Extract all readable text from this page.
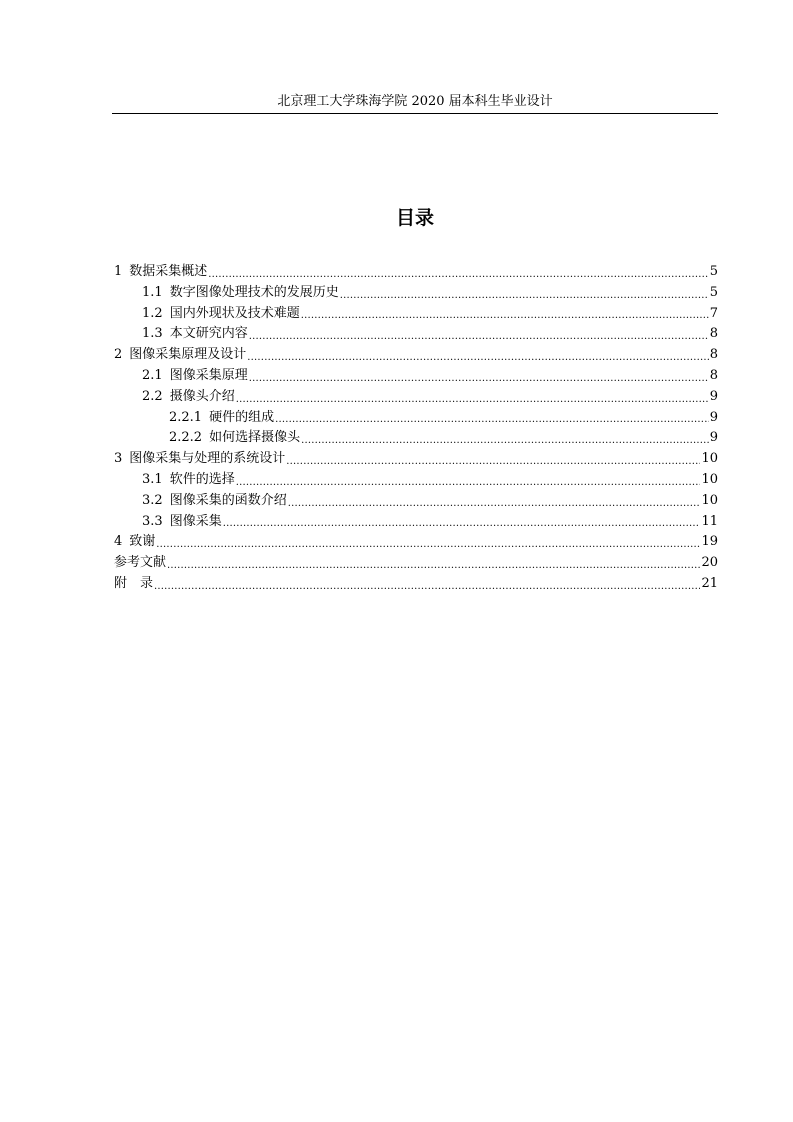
北京理工大学珠海学院 2020 届本科生毕业设计
目录
1 数据采集概述 .....	5
1.1 数字图像处理技术的发展历史 .....	5
1.2 国内外现状及技术难题 .....	7
1.3 本文研究内容 .....	8
2 图像采集原理及设计 .....	8
2.1 图像采集原理 .....	8
2.2 摄像头介绍 .....	9
2.2.1 硬件的组成 .....	9
2.2.2 如何选择摄像头 .....	9
3 图像采集与处理的系统设计 .....	10
3.1 软件的选择 .....	10
3.2 图像采集的函数介绍 .....	10
3.3 图像采集 .....	11
4 致谢 .....	19
参考文献 .....	20
附　录 .....	21
